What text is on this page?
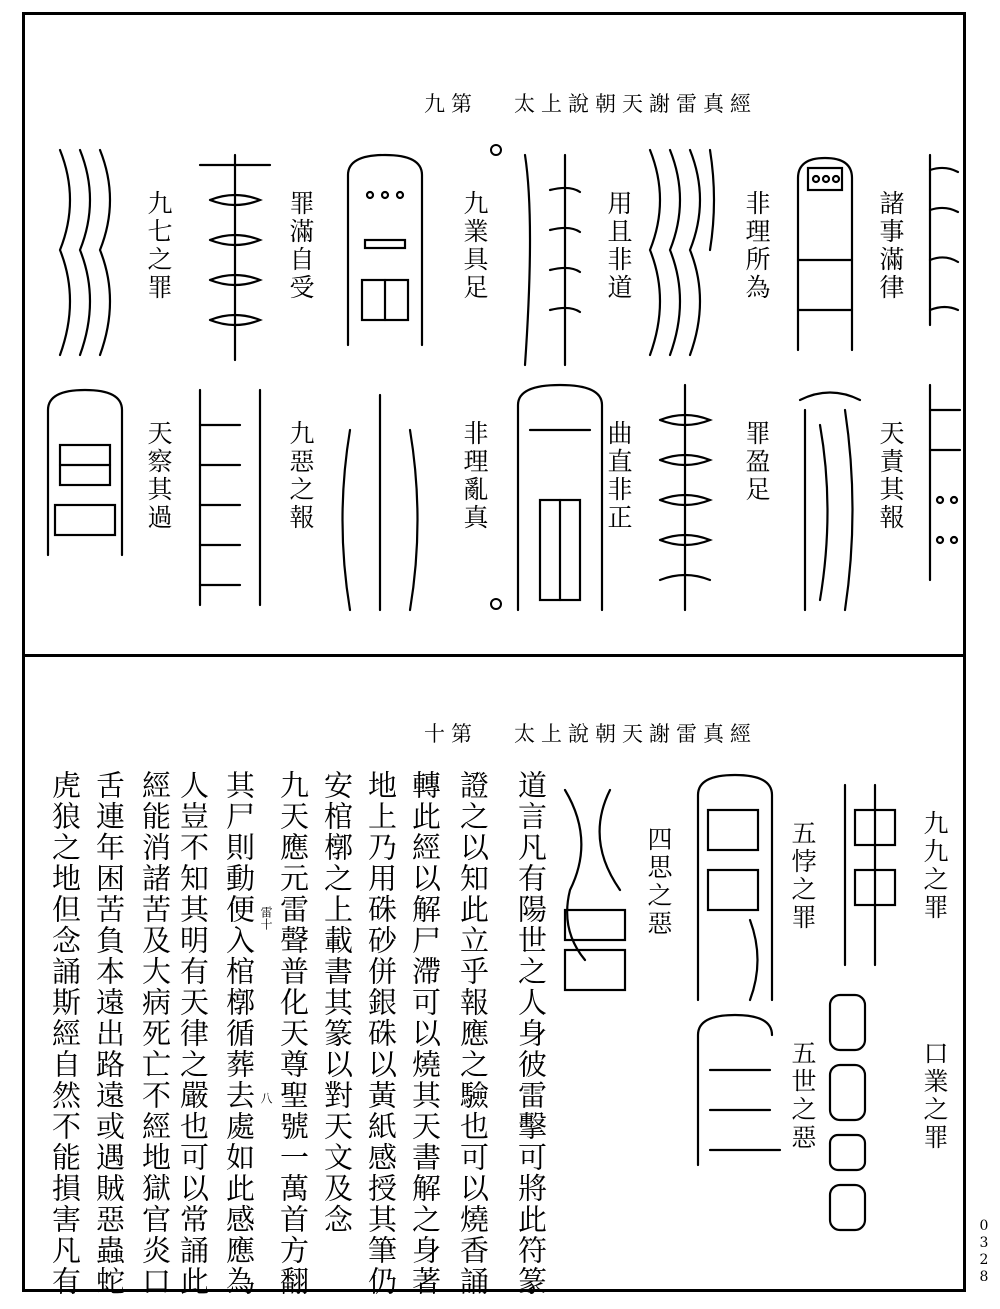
太上說朝天謝雷真經
第九
諸事滿律
非理所為
用且非道
九業具足
罪滿自受
九七之罪
天責其報
罪盈足
曲直非正
非理亂真
九惡之報
天察其過
太上說朝天謝雷真經
第十
九九之罪
口業之罪
五悖之罪
五世之惡
四思之惡
道言凡有陽世之人身彼雷擊可將此符篆
證之以知此立乎報應之驗也可以燒香誦
轉此經以解尸滯可以燒其天書解之身著
地上乃用硃砂併銀硃以黃紙感授其筆仍
安棺槨之上載書其篆以對天文及念
九天應元雷聲普化天尊聖號一萬首方翻
其尸則動便入棺槨循葬去處如此感應為
人豈不知其明有天律之嚴也可以常誦此
經能消諸苦及大病死亡不經地獄官炎口
舌連年困苦負本遠出路遠或遇賊惡蟲蛇
虎狼之地但念誦斯經自然不能損害凡有	雷十
八
0328
